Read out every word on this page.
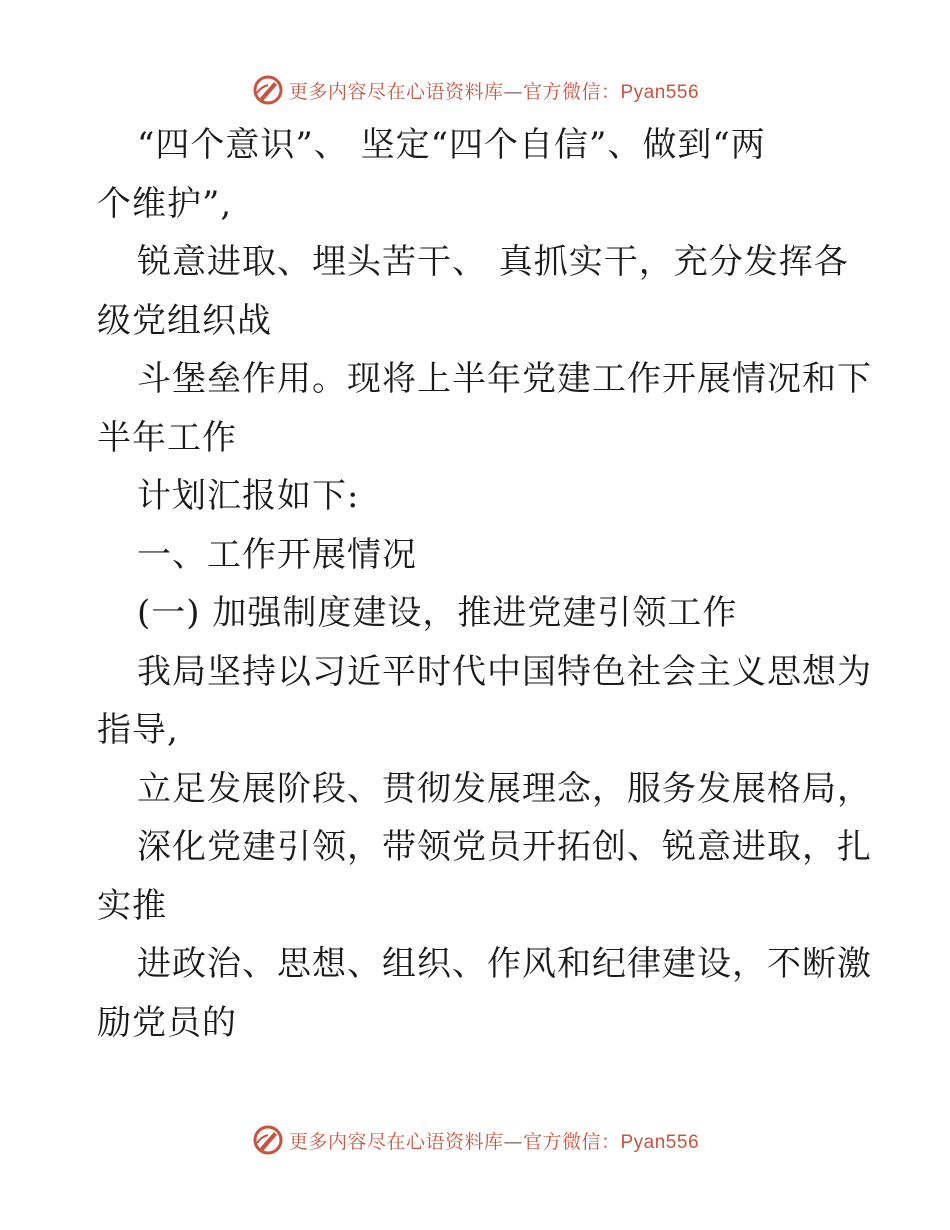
更多内容尽在心语资料库—官方微信：Pyan556
“四个意识”、 坚定“四个自信”、做到“两
个维护”,
锐意进取、埋头苦干、 真抓实干，充分发挥各
级党组织战
斗堡垒作用。现将上半年党建工作开展情况和下
半年工作
计划汇报如下:
一、工作开展情况
(一) 加强制度建设，推进党建引领工作
我局坚持以习近平时代中国特色社会主义思想为
指导,
立足发展阶段、贯彻发展理念，服务发展格局，
深化党建引领，带领党员开拓创、锐意进取，扎
实推
进政治、思想、组织、作风和纪律建设，不断激
励党员的
更多内容尽在心语资料库—官方微信：Pyan556
